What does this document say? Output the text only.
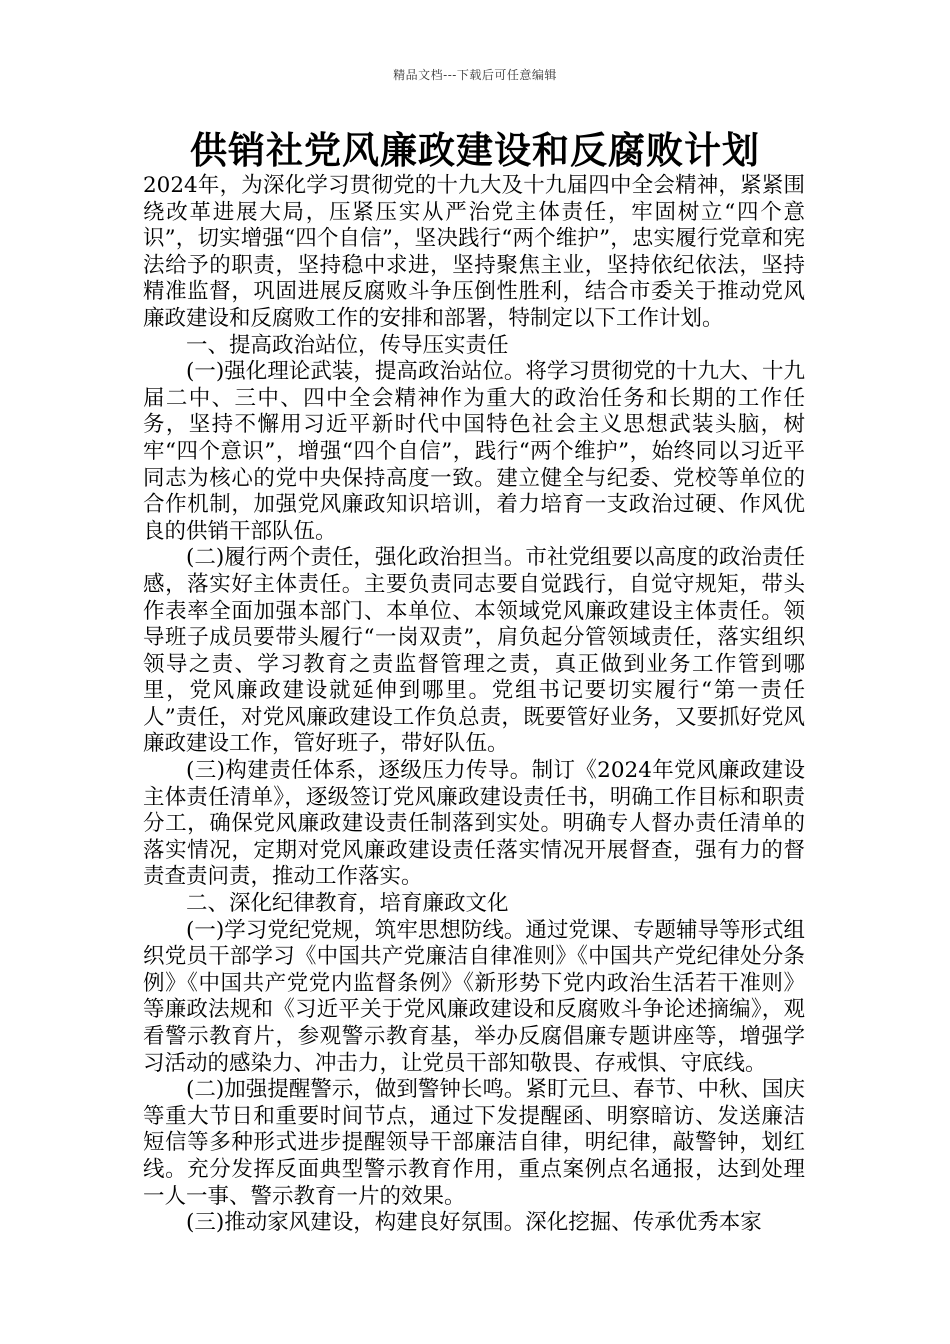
精品文档---下载后可任意编辑
供销社党风廉政建设和反腐败计划

2024年，为深化学习贯彻党的十九大及十九届四中全会精神，紧紧围绕改革进展大局，压紧压实从严治党主体责任，牢固树立“四个意识”，切实增强“四个自信”，坚决践行“两个维护”，忠实履行党章和宪法给予的职责，坚持稳中求进，坚持聚焦主业，坚持依纪依法，坚持精准监督，巩固进展反腐败斗争压倒性胜利，结合市委关于推动党风廉政建设和反腐败工作的安排和部署，特制定以下工作计划。

一、提高政治站位，传导压实责任

(一)强化理论武装，提高政治站位。将学习贯彻党的十九大、十九届二中、三中、四中全会精神作为重大的政治任务和长期的工作任务，坚持不懈用习近平新时代中国特色社会主义思想武装头脑，树牢“四个意识”，增强“四个自信”，践行“两个维护”，始终同以习近平同志为核心的党中央保持高度一致。建立健全与纪委、党校等单位的合作机制，加强党风廉政知识培训，着力培育一支政治过硬、作风优良的供销干部队伍。

(二)履行两个责任，强化政治担当。市社党组要以高度的政治责任感，落实好主体责任。主要负责同志要自觉践行，自觉守规矩，带头作表率全面加强本部门、本单位、本领域党风廉政建设主体责任。领导班子成员要带头履行“一岗双责”，肩负起分管领域责任，落实组织领导之责、学习教育之责监督管理之责，真正做到业务工作管到哪里，党风廉政建设就延伸到哪里。党组书记要切实履行“第一责任人”责任，对党风廉政建设工作负总责，既要管好业务，又要抓好党风廉政建设工作，管好班子，带好队伍。

(三)构建责任体系，逐级压力传导。制订《2024年党风廉政建设主体责任清单》，逐级签订党风廉政建设责任书，明确工作目标和职责分工，确保党风廉政建设责任制落到实处。明确专人督办责任清单的落实情况，定期对党风廉政建设责任落实情况开展督查，强有力的督责查责问责，推动工作落实。

二、深化纪律教育，培育廉政文化

(一)学习党纪党规，筑牢思想防线。通过党课、专题辅导等形式组织党员干部学习《中国共产党廉洁自律准则》《中国共产党纪律处分条例》《中国共产党党内监督条例》《新形势下党内政治生活若干准则》等廉政法规和《习近平关于党风廉政建设和反腐败斗争论述摘编》，观看警示教育片，参观警示教育基，举办反腐倡廉专题讲座等，增强学习活动的感染力、冲击力，让党员干部知敬畏、存戒惧、守底线。

(二)加强提醒警示，做到警钟长鸣。紧盯元旦、春节、中秋、国庆等重大节日和重要时间节点，通过下发提醒函、明察暗访、发送廉洁短信等多种形式进步提醒领导干部廉洁自律，明纪律，敲警钟，划红线。充分发挥反面典型警示教育作用，重点案例点名通报，达到处理一人一事、警示教育一片的效果。

(三)推动家风建设，构建良好氛围。深化挖掘、传承优秀本家
